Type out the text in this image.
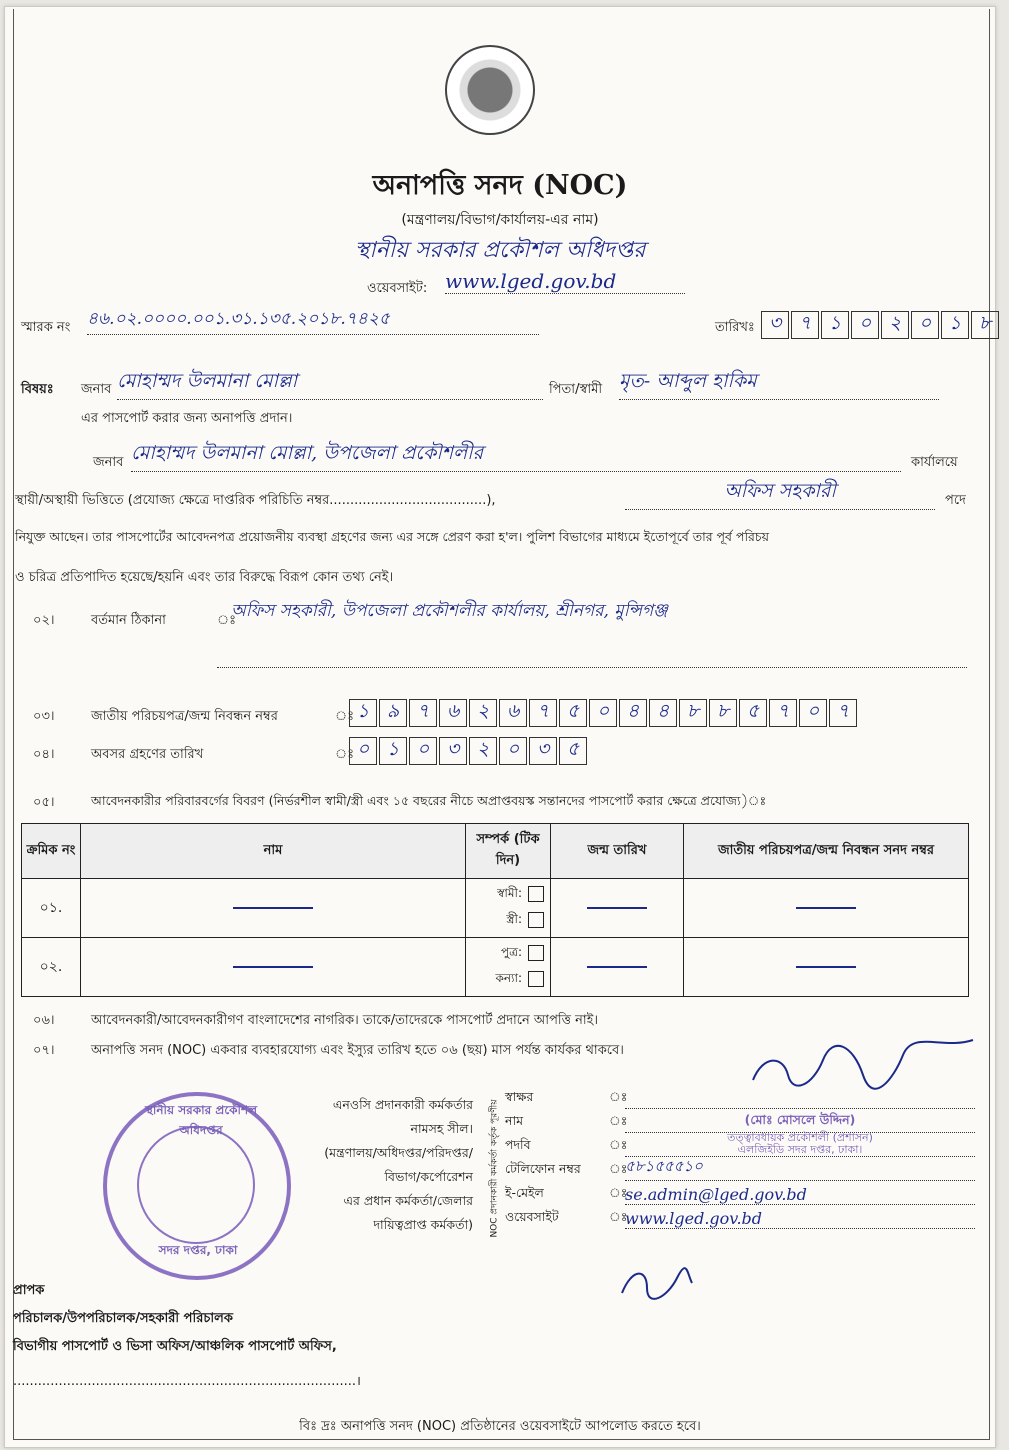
অনাপত্তি সনদ (NOC)
(মন্ত্রণালয়/বিভাগ/কার্যালয়-এর নাম)
স্থানীয় সরকার প্রকৌশল অধিদপ্তর
ওয়েবসাইট: www.lged.gov.bd
স্মারক নং ৪৬.০২.০০০০.০০১.৩১.১৩৫.২০১৮.৭৪২৫	তারিখঃ ৩ ৭ ১ ০ ২ ০ ১ ৮
বিষয়ঃ জনাব মোহাম্মদ উলমানা মোল্লা	পিতা/স্বামী মৃত- আব্দুল হাকিম
এর পাসপোর্ট করার জন্য অনাপত্তি প্রদান।
জনাব মোহাম্মদ উলমানা মোল্লা, উপজেলা প্রকৌশলীর	কার্যালয়ে
স্থায়ী/অস্থায়ী ভিত্তিতে (প্রযোজ্য ক্ষেত্রে দাপ্তরিক পরিচিতি নম্বর......................................),	অফিস সহকারী	পদে
নিযুক্ত আছেন। তার পাসপোর্টের আবেদনপত্র প্রয়োজনীয় ব্যবস্থা গ্রহণের জন্য এর সঙ্গে প্রেরণ করা হ'ল। পুলিশ বিভাগের মাধ্যমে ইতোপূর্বে তার পূর্ব পরিচয়
ও চরিত্র প্রতিপাদিত হয়েছে/হয়নি এবং তার বিরুদ্ধে বিরূপ কোন তথ্য নেই।
০২।	বর্তমান ঠিকানা	ঃ
অফিস সহকারী, উপজেলা প্রকৌশলীর কার্যালয়, শ্রীনগর, মুন্সিগঞ্জ
০৩।	জাতীয় পরিচয়পত্র/জন্ম নিবন্ধন নম্বর	ঃ ১ ৯ ৭ ৬ ২ ৬ ৭ ৫ ০ ৪ ৪ ৮ ৮ ৫ ৭ ০ ৭
০৪।	অবসর গ্রহণের তারিখ	ঃ ০ ১ ০ ৩ ২ ০ ৩ ৫
০৫।	আবেদনকারীর পরিবারবর্গের বিবরণ (নির্ভরশীল স্বামী/স্ত্রী এবং ১৫ বছরের নীচে অপ্রাপ্তবয়স্ক সন্তানদের পাসপোর্ট করার ক্ষেত্রে প্রযোজ্য)ঃ
ক্রমিক নং	নাম	সম্পর্ক (টিক দিন)	জন্ম তারিখ	জাতীয় পরিচয়পত্র/জন্ম নিবন্ধন সনদ নম্বর
০১.		স্বামী:
স্ত্রী:		

০২.		পুত্র:
কন্যা:		

০৬।	আবেদনকারী/আবেদনকারীগণ বাংলাদেশের নাগরিক। তাকে/তাদেরকে পাসপোর্ট প্রদানে আপত্তি নাই।
০৭।	অনাপত্তি সনদ (NOC) একবার ব্যবহারযোগ্য এবং ইস্যুর তারিখ হতে ০৬ (ছয়) মাস পর্যন্ত কার্যকর থাকবে।
স্থানীয় সরকার প্রকৌশল অধিদপ্তর
সদর দপ্তর, ঢাকা
এনওসি প্রদানকারী কর্মকর্তার
নামসহ সীল।
(মন্ত্রণালয়/অধিদপ্তর/পরিদপ্তর/
বিভাগ/কর্পোরেশন
এর প্রধান কর্মকর্তা/জেলার
দায়িত্বপ্রাপ্ত কর্মকর্তা)	NOC প্রদানকারী কর্মকর্তা কর্তৃক পূরণীয়
স্বাক্ষর	ঃ
নাম	ঃ	(মোঃ মোসলে উদ্দিন)
পদবি	ঃ	তত্ত্বাবধায়ক প্রকৌশলী (প্রশাসন)
এলজিইডি সদর দপ্তর, ঢাকা।
টেলিফোন নম্বর	ঃ
৫৮১৫৫৫১০
ই-মেইল	ঃ
se.admin@lged.gov.bd
ওয়েবসাইট	ঃ
www.lged.gov.bd
প্রাপক
পরিচালক/উপপরিচালক/সহকারী পরিচালক
বিভাগীয় পাসপোর্ট ও ভিসা অফিস/আঞ্চলিক পাসপোর্ট অফিস,
...................................................................................।
বিঃ দ্রঃ অনাপত্তি সনদ (NOC) প্রতিষ্ঠানের ওয়েবসাইটে আপলোড করতে হবে।
